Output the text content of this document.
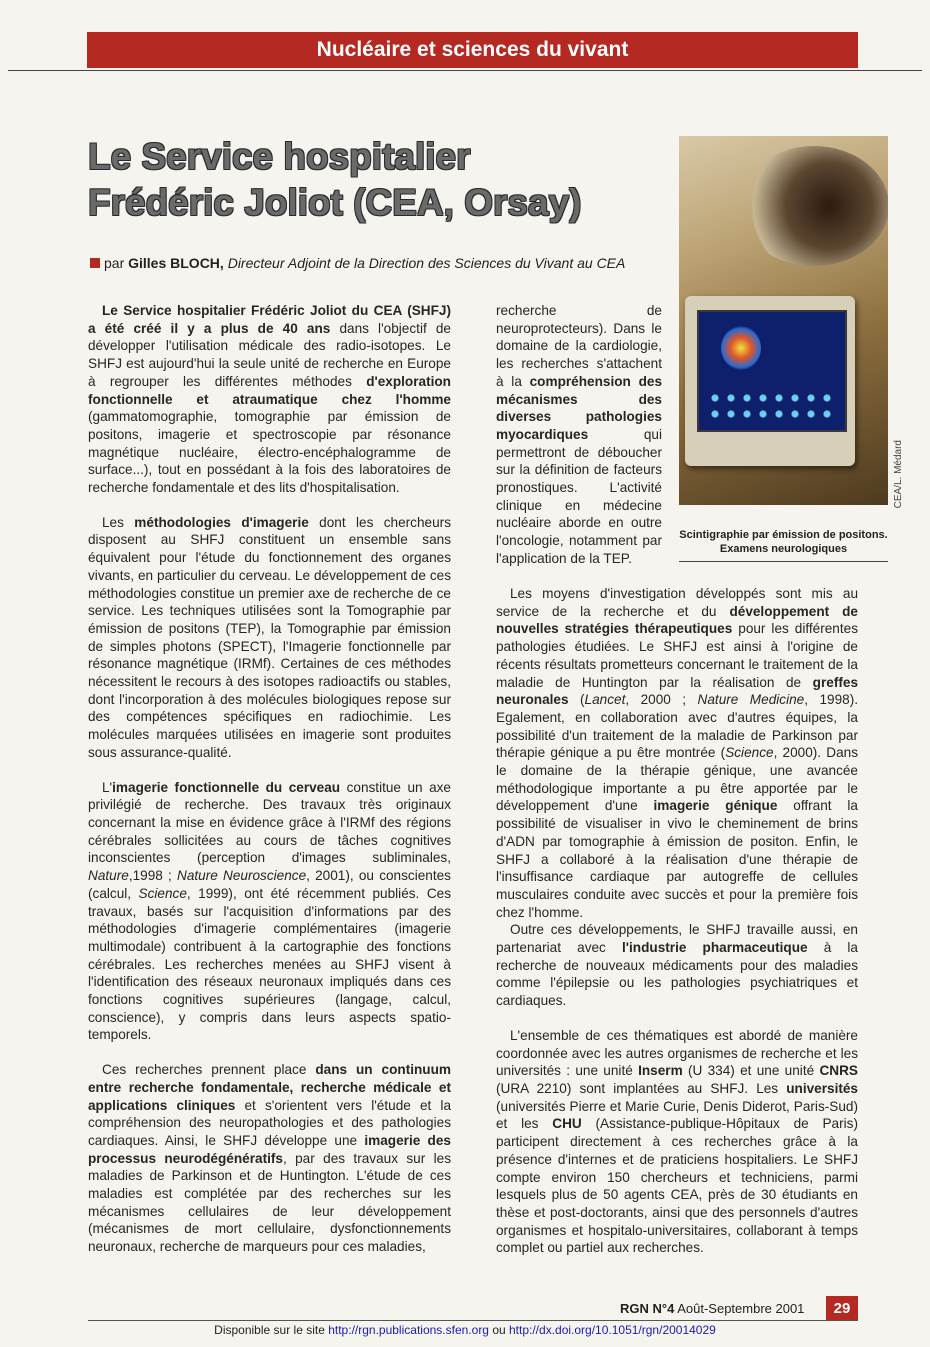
Nucléaire et sciences du vivant
Le Service hospitalier
Frédéric Joliot (CEA, Orsay)
par Gilles BLOCH, Directeur Adjoint de la Direction des Sciences du Vivant au CEA
CEA/L. Médard
Scintigraphie par émission de positons.
Examens neurologiques

Le Service hospitalier Frédéric Joliot du CEA (SHFJ) a été créé il y a plus de 40 ans dans l'objectif de développer l'utilisation médicale des radio-isotopes. Le SHFJ est aujourd'hui la seule unité de recherche en Europe à regrouper les différentes méthodes d'exploration fonctionnelle et atraumatique chez l'homme (gammatomographie, tomographie par émission de positons, imagerie et spectroscopie par résonance magnétique nucléaire, électro-encéphalogramme de surface...), tout en possédant à la fois des laboratoires de recherche fondamentale et des lits d'hospitalisation.

Les méthodologies d'imagerie dont les chercheurs disposent au SHFJ constituent un ensemble sans équivalent pour l'étude du fonctionnement des organes vivants, en particulier du cerveau. Le développement de ces méthodologies constitue un premier axe de recherche de ce service. Les techniques utilisées sont la Tomographie par émission de positons (TEP), la Tomographie par émission de simples photons (SPECT), l'Imagerie fonctionnelle par résonance magnétique (IRMf). Certaines de ces méthodes nécessitent le recours à des isotopes radioactifs ou stables, dont l'incorporation à des molécules biologiques repose sur des compétences spécifiques en radiochimie. Les molécules marquées utilisées en imagerie sont produites sous assurance-qualité.

L'imagerie fonctionnelle du cerveau constitue un axe privilégié de recherche. Des travaux très originaux concernant la mise en évidence grâce à l'IRMf des régions cérébrales sollicitées au cours de tâches cognitives inconscientes (perception d'images subliminales, Nature,1998 ; Nature Neuroscience, 2001), ou conscientes (calcul, Science, 1999), ont été récemment publiés. Ces travaux, basés sur l'acquisition d'informations par des méthodologies d'imagerie complémentaires (imagerie multimodale) contribuent à la cartographie des fonctions cérébrales. Les recherches menées au SHFJ visent à l'identification des réseaux neuronaux impliqués dans ces fonctions cognitives supérieures (langage, calcul, conscience), y compris dans leurs aspects spatio-temporels.

Ces recherches prennent place dans un continuum entre recherche fondamentale, recherche médicale et applications cliniques et s'orientent vers l'étude et la compréhension des neuropathologies et des pathologies cardiaques. Ainsi, le SHFJ développe une imagerie des processus neurodégénératifs, par des travaux sur les maladies de Parkinson et de Huntington. L'étude de ces maladies est complétée par des recherches sur les mécanismes cellulaires de leur développement (mécanismes de mort cellulaire, dysfonctionnements neuronaux, recherche de marqueurs pour ces maladies,

recherche de neuroprotecteurs). Dans le domaine de la cardiologie, les recherches s'attachent à la compréhension des mécanismes des diverses pathologies myocardiques qui permettront de déboucher sur la définition de facteurs pronostiques. L'activité clinique en médecine nucléaire aborde en outre l'oncologie, notamment par l'application de la TEP.

Les moyens d'investigation développés sont mis au service de la recherche et du développement de nouvelles stratégies thérapeutiques pour les différentes pathologies étudiées. Le SHFJ est ainsi à l'origine de récents résultats prometteurs concernant le traitement de la maladie de Huntington par la réalisation de greffes neuronales (Lancet, 2000 ; Nature Medicine, 1998). Egalement, en collaboration avec d'autres équipes, la possibilité d'un traitement de la maladie de Parkinson par thérapie génique a pu être montrée (Science, 2000). Dans le domaine de la thérapie génique, une avancée méthodologique importante a pu être apportée par le développement d'une imagerie génique offrant la possibilité de visualiser in vivo le cheminement de brins d'ADN par tomographie à émission de positon. Enfin, le SHFJ a collaboré à la réalisation d'une thérapie de l'insuffisance cardiaque par autogreffe de cellules musculaires conduite avec succès et pour la première fois chez l'homme.

Outre ces développements, le SHFJ travaille aussi, en partenariat avec l'industrie pharmaceutique à la recherche de nouveaux médicaments pour des maladies comme l'épilepsie ou les pathologies psychiatriques et cardiaques.

L'ensemble de ces thématiques est abordé de manière coordonnée avec les autres organismes de recherche et les universités : une unité Inserm (U 334) et une unité CNRS (URA 2210) sont implantées au SHFJ. Les universités (universités Pierre et Marie Curie, Denis Diderot, Paris-Sud) et les CHU (Assistance-publique-Hôpitaux de Paris) participent directement à ces recherches grâce à la présence d'internes et de praticiens hospitaliers. Le SHFJ compte environ 150 chercheurs et techniciens, parmi lesquels plus de 50 agents CEA, près de 30 étudiants en thèse et post-doctorants, ainsi que des personnels d'autres organismes et hospitalo-universitaires, collaborant à temps complet ou partiel aux recherches.

RGN N°4 Août-Septembre 2001	29
Disponible sur le site http://rgn.publications.sfen.org ou http://dx.doi.org/10.1051/rgn/20014029
